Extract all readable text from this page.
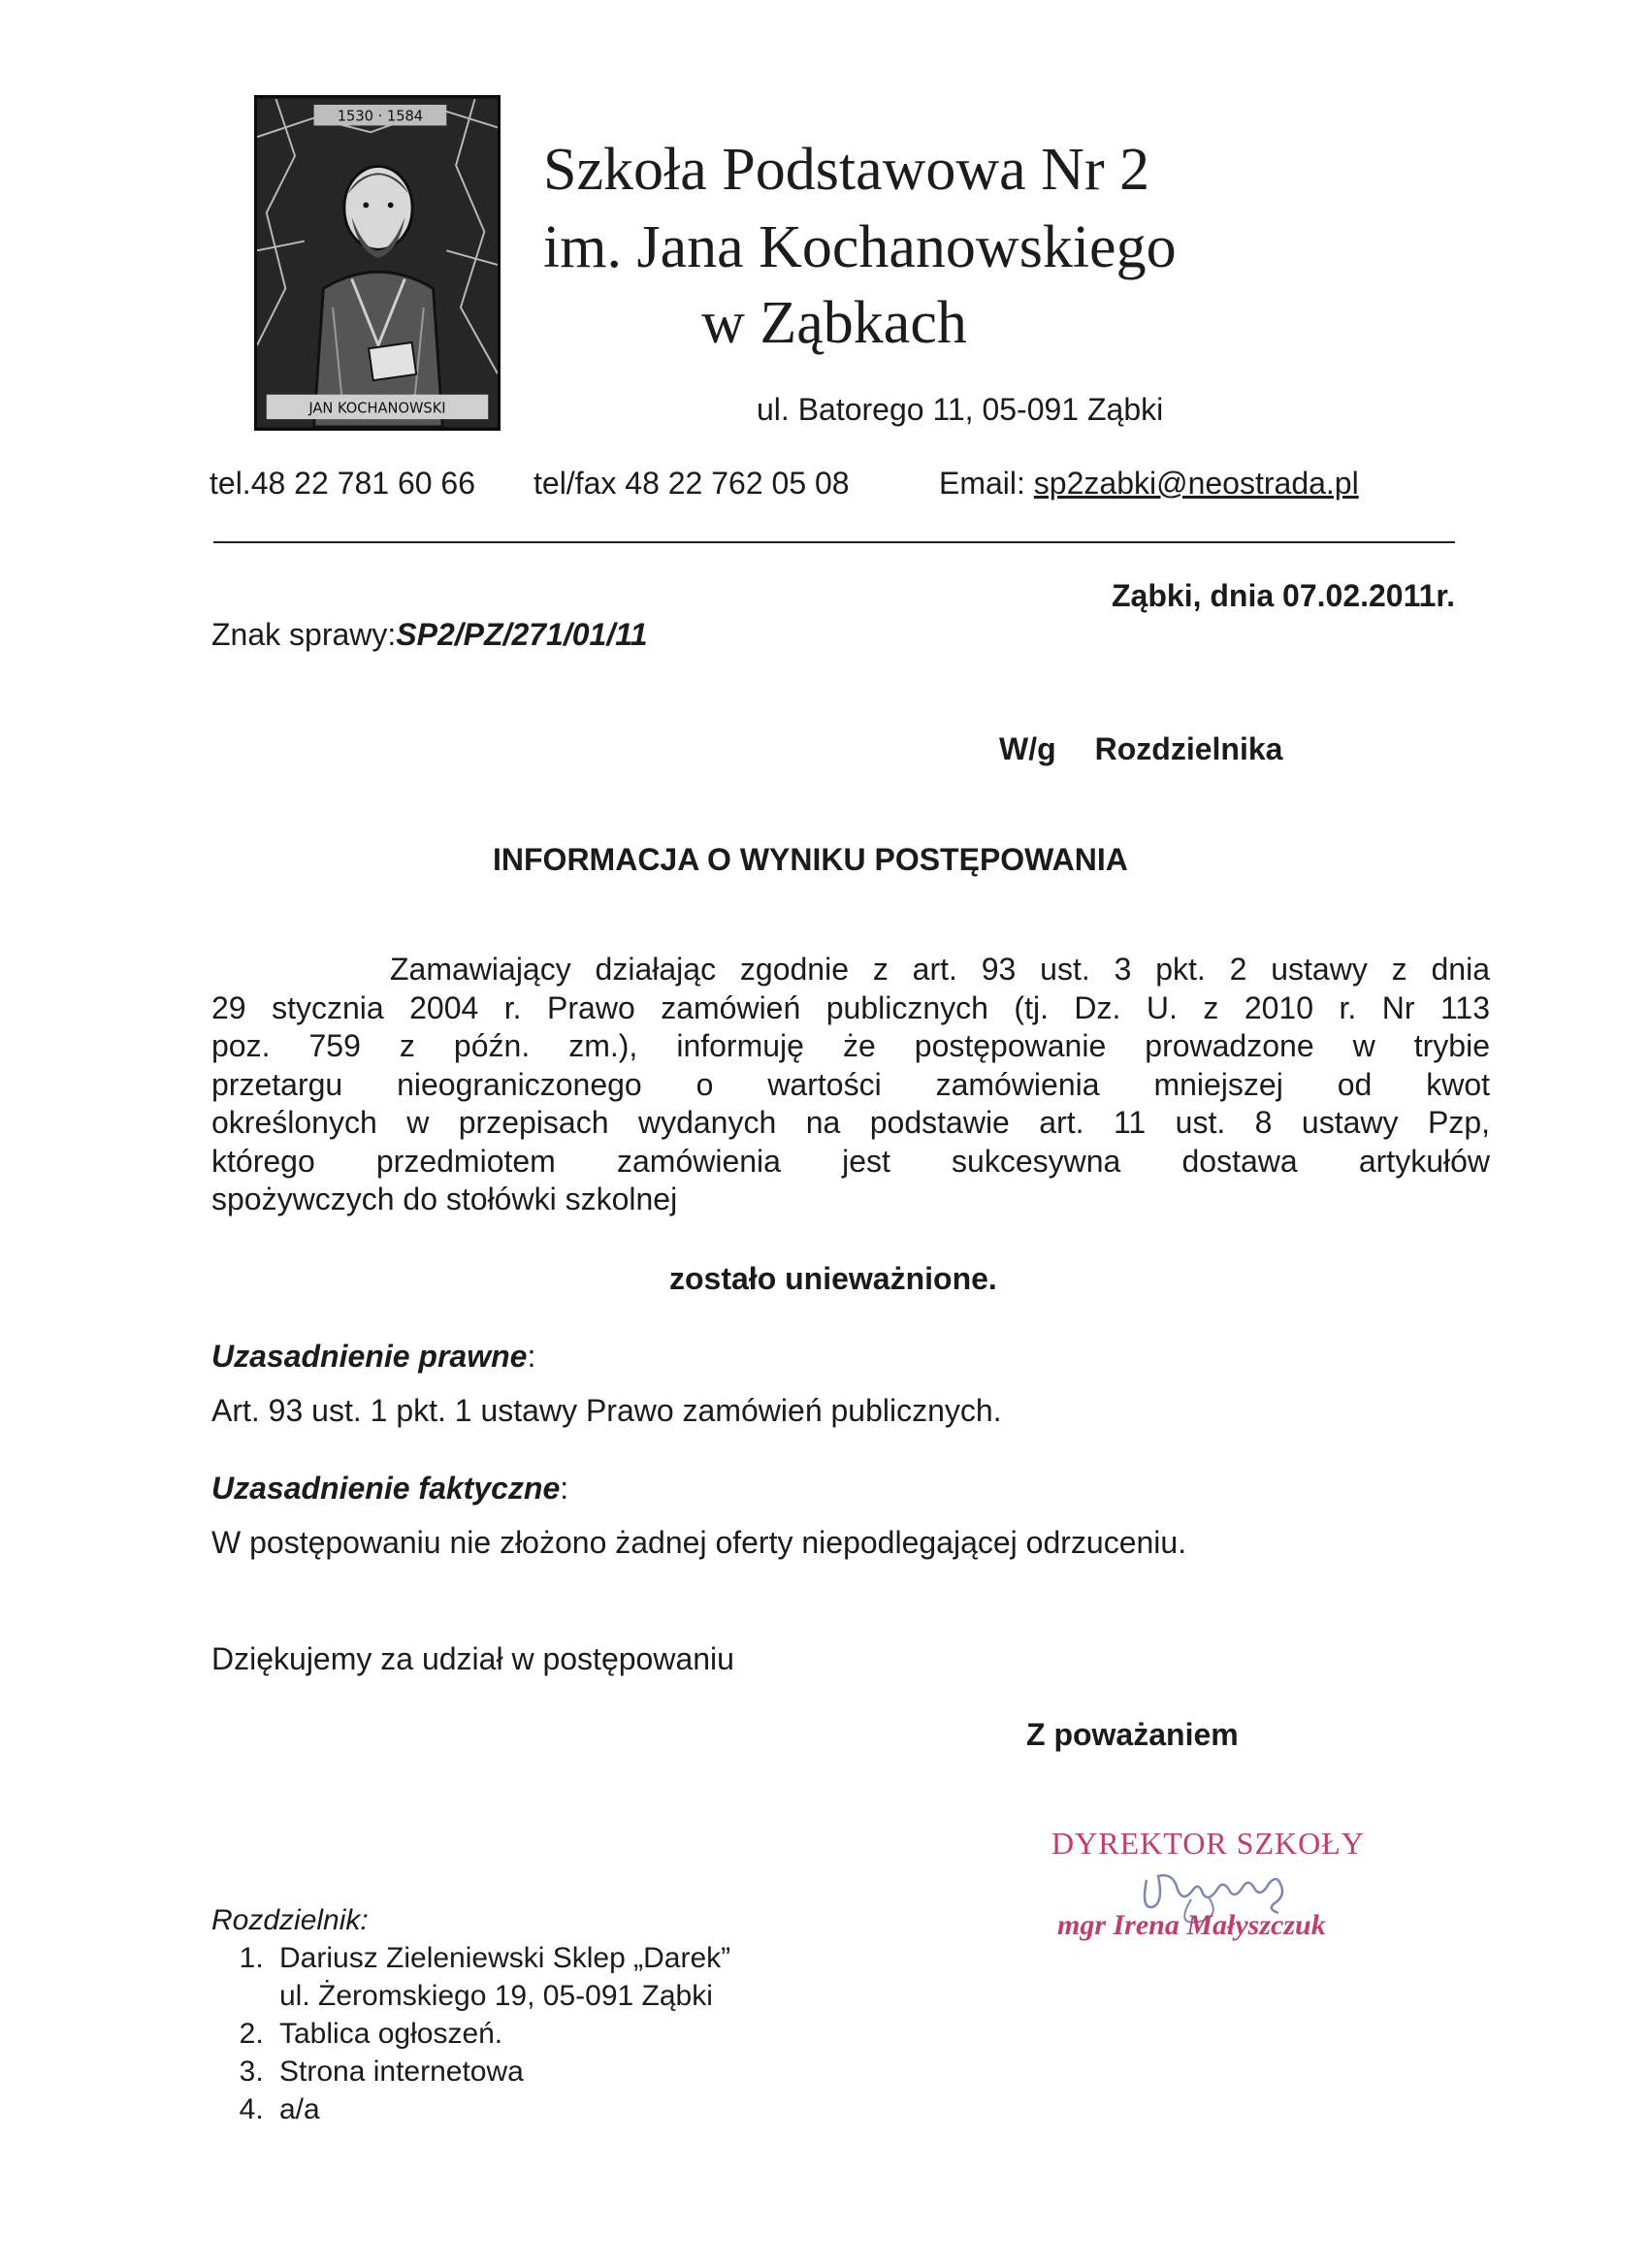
1530 · 1584
JAN KOCHANOWSKI
Szkoła Podstawowa Nr 2
im. Jana Kochanowskiego
w Ząbkach
ul. Batorego 11, 05-091 Ząbki
tel.48 22 781 60 66 tel/fax 48 22 762 05 08	Email: sp2zabki@neostrada.pl
Ząbki, dnia 07.02.2011r.
Znak sprawy:SP2/PZ/271/01/11
W/g Rozdzielnika
INFORMACJA O WYNIKU POSTĘPOWANIA
Zamawiający działając zgodnie z art. 93 ust. 3 pkt. 2 ustawy z dnia
29 stycznia 2004 r. Prawo zamówień publicznych (tj. Dz. U. z 2010 r. Nr 113
poz. 759 z późn. zm.), informuję że postępowanie prowadzone w trybie
przetargu nieograniczonego o wartości zamówienia mniejszej od kwot
określonych w przepisach wydanych na podstawie art. 11 ust. 8 ustawy Pzp,
którego przedmiotem zamówienia jest sukcesywna dostawa artykułów
spożywczych do stołówki szkolnej
zostało unieważnione.
Uzasadnienie prawne:
Art. 93 ust. 1 pkt. 1 ustawy Prawo zamówień publicznych.
Uzasadnienie faktyczne:
W postępowaniu nie złożono żadnej oferty niepodlegającej odrzuceniu.
Dziękujemy za udział w postępowaniu
Z poważaniem
DYREKTOR SZKOŁY
mgr Irena Małyszczuk
Rozdzielnik:
1. Dariusz Zieleniewski Sklep „Darek”
ul. Żeromskiego 19, 05-091 Ząbki
2. Tablica ogłoszeń.
3. Strona internetowa
4. a/a
